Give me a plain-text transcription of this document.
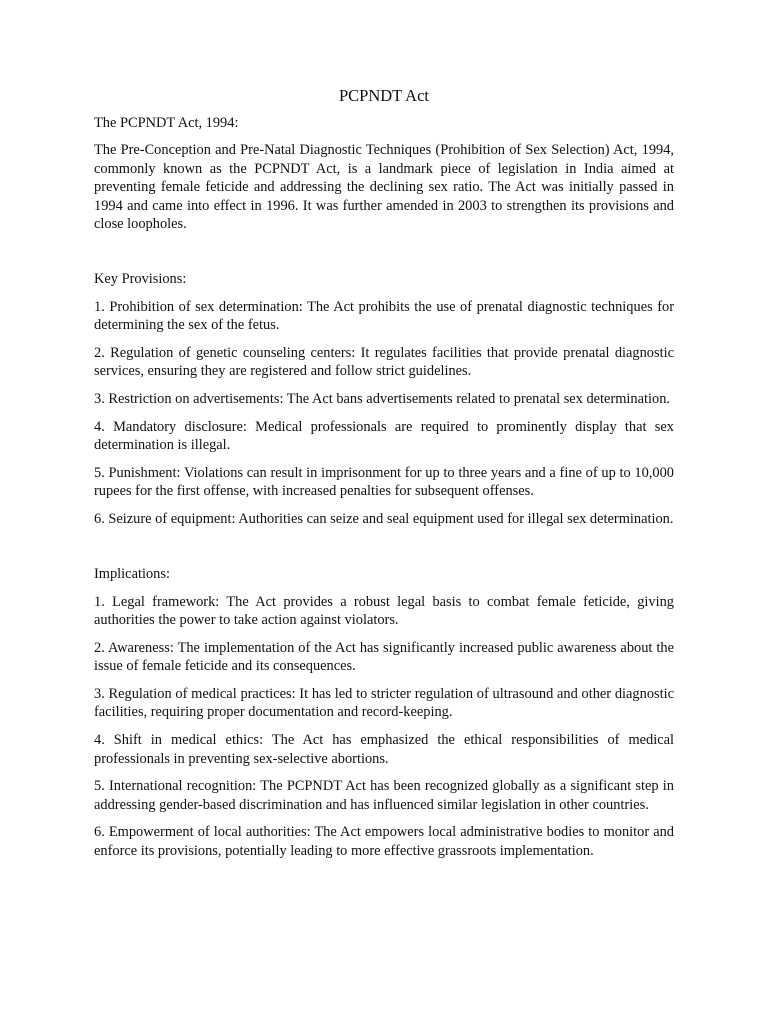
PCPNDT Act
The PCPNDT Act, 1994:
The Pre-Conception and Pre-Natal Diagnostic Techniques (Prohibition of Sex Selection) Act, 1994, commonly known as the PCPNDT Act, is a landmark piece of legislation in India aimed at preventing female feticide and addressing the declining sex ratio. The Act was initially passed in 1994 and came into effect in 1996. It was further amended in 2003 to strengthen its provisions and close loopholes.
Key Provisions:
1. Prohibition of sex determination: The Act prohibits the use of prenatal diagnostic techniques for determining the sex of the fetus.
2. Regulation of genetic counseling centers: It regulates facilities that provide prenatal diagnostic services, ensuring they are registered and follow strict guidelines.
3. Restriction on advertisements: The Act bans advertisements related to prenatal sex determination.
4. Mandatory disclosure: Medical professionals are required to prominently display that sex determination is illegal.
5. Punishment: Violations can result in imprisonment for up to three years and a fine of up to 10,000 rupees for the first offense, with increased penalties for subsequent offenses.
6. Seizure of equipment: Authorities can seize and seal equipment used for illegal sex determination.
Implications:
1. Legal framework: The Act provides a robust legal basis to combat female feticide, giving authorities the power to take action against violators.
2. Awareness: The implementation of the Act has significantly increased public awareness about the issue of female feticide and its consequences.
3. Regulation of medical practices: It has led to stricter regulation of ultrasound and other diagnostic facilities, requiring proper documentation and record-keeping.
4. Shift in medical ethics: The Act has emphasized the ethical responsibilities of medical professionals in preventing sex-selective abortions.
5. International recognition: The PCPNDT Act has been recognized globally as a significant step in addressing gender-based discrimination and has influenced similar legislation in other countries.
6. Empowerment of local authorities: The Act empowers local administrative bodies to monitor and enforce its provisions, potentially leading to more effective grassroots implementation.
